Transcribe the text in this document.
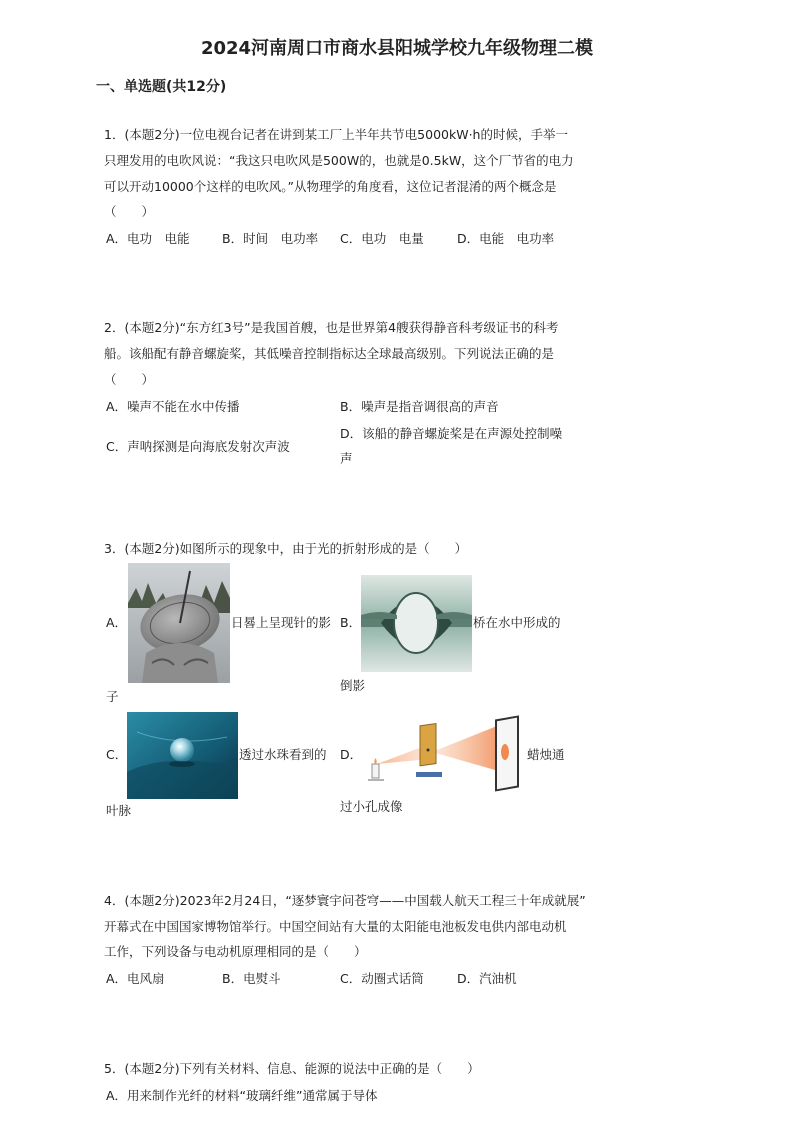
2024河南周口市商水县阳城学校九年级物理二模
一、单选题(共12分)
1．(本题2分)一位电视台记者在讲到某工厂上半年共节电5000kW·h的时候，手举一
只理发用的电吹风说：“我这只电吹风是500W的，也就是0.5kW，这个厂节省的电力
可以开动10000个这样的电吹风。”从物理学的角度看，这位记者混淆的两个概念是
（　　）
A．电功　电能	B．时间　电功率 C．电功　电量	D．电能　电功率
2．(本题2分)“东方红3号”是我国首艘，也是世界第4艘获得静音科考级证书的科考
船。该船配有静音螺旋桨，其低噪音控制指标达全球最高级别。下列说法正确的是
（　　）
A．噪声不能在水中传播	B．噪声是指音调很高的声音
C．声呐探测是向海底发射次声波
D．该船的静音螺旋桨是在声源处控制噪
声
3．(本题2分)如图所示的现象中，由于光的折射形成的是（　　）
A．	日晷上呈现针的影
子
B．	桥在水中形成的
倒影
C．	透过水珠看到的
叶脉
D．	蜡烛通
过小孔成像
4．(本题2分)2023年2月24日，“逐梦寰宇问苍穹——中国载人航天工程三十年成就展”
开幕式在中国国家博物馆举行。中国空间站有大量的太阳能电池板发电供内部电动机
工作，下列设备与电动机原理相同的是（　　）
A．电风扇	B．电熨斗	C．动圈式话筒	D．汽油机
5．(本题2分)下列有关材料、信息、能源的说法中正确的是（　　）
A．用来制作光纤的材料“玻璃纤维”通常属于导体
